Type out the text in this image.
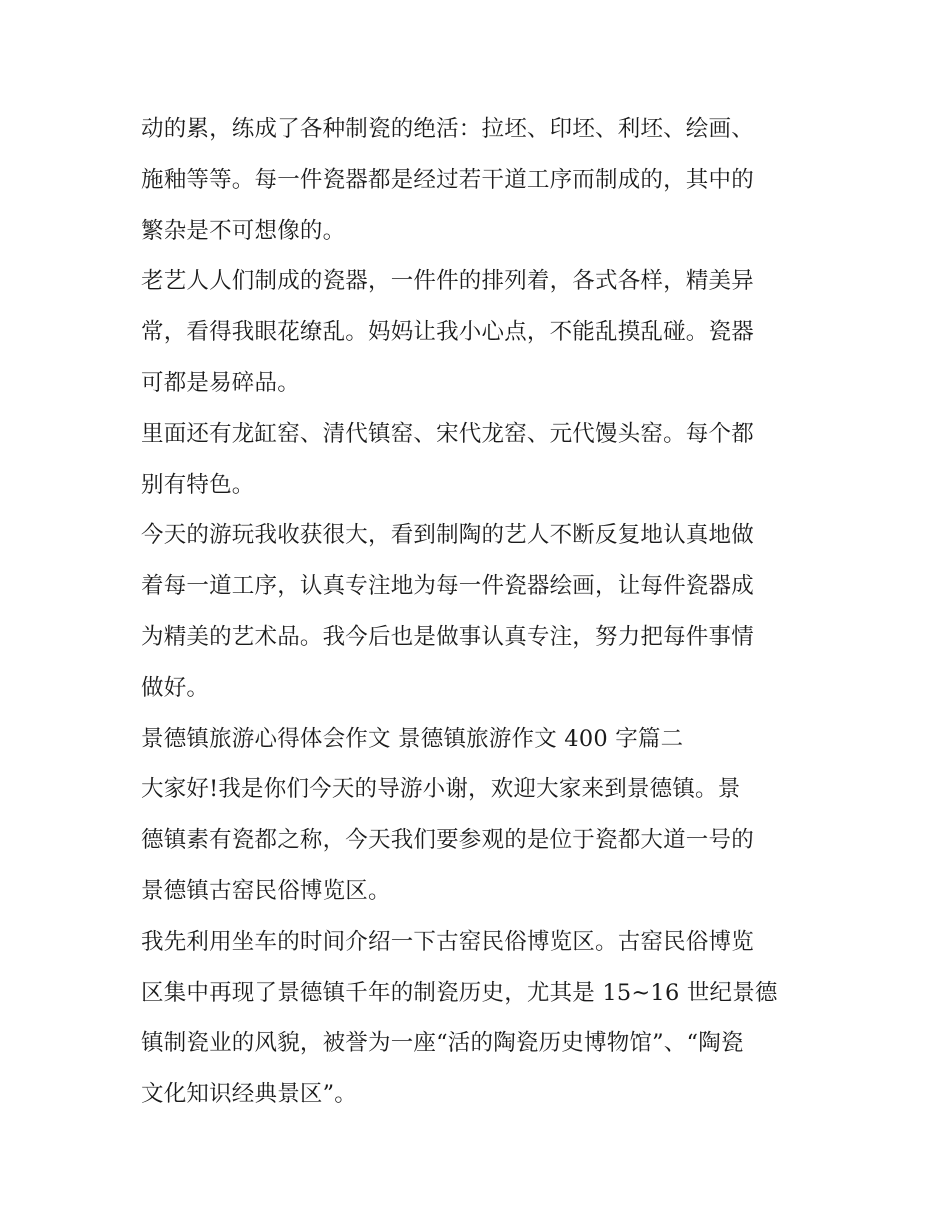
动的累，练成了各种制瓷的绝活：拉坯、印坯、利坯、绘画、
施釉等等。每一件瓷器都是经过若干道工序而制成的，其中的
繁杂是不可想像的。
老艺人人们制成的瓷器，一件件的排列着，各式各样，精美异
常，看得我眼花缭乱。妈妈让我小心点，不能乱摸乱碰。瓷器
可都是易碎品。
里面还有龙缸窑、清代镇窑、宋代龙窑、元代馒头窑。每个都
别有特色。
今天的游玩我收获很大，看到制陶的艺人不断反复地认真地做
着每一道工序，认真专注地为每一件瓷器绘画，让每件瓷器成
为精美的艺术品。我今后也是做事认真专注，努力把每件事情
做好。
景德镇旅游心得体会作文 景德镇旅游作文 400 字篇二
大家好!我是你们今天的导游小谢，欢迎大家来到景德镇。景
德镇素有瓷都之称，今天我们要参观的是位于瓷都大道一号的
景德镇古窑民俗博览区。
我先利用坐车的时间介绍一下古窑民俗博览区。古窑民俗博览
区集中再现了景德镇千年的制瓷历史，尤其是 15~16 世纪景德
镇制瓷业的风貌，被誉为一座“活的陶瓷历史博物馆”、“陶瓷
文化知识经典景区”。
